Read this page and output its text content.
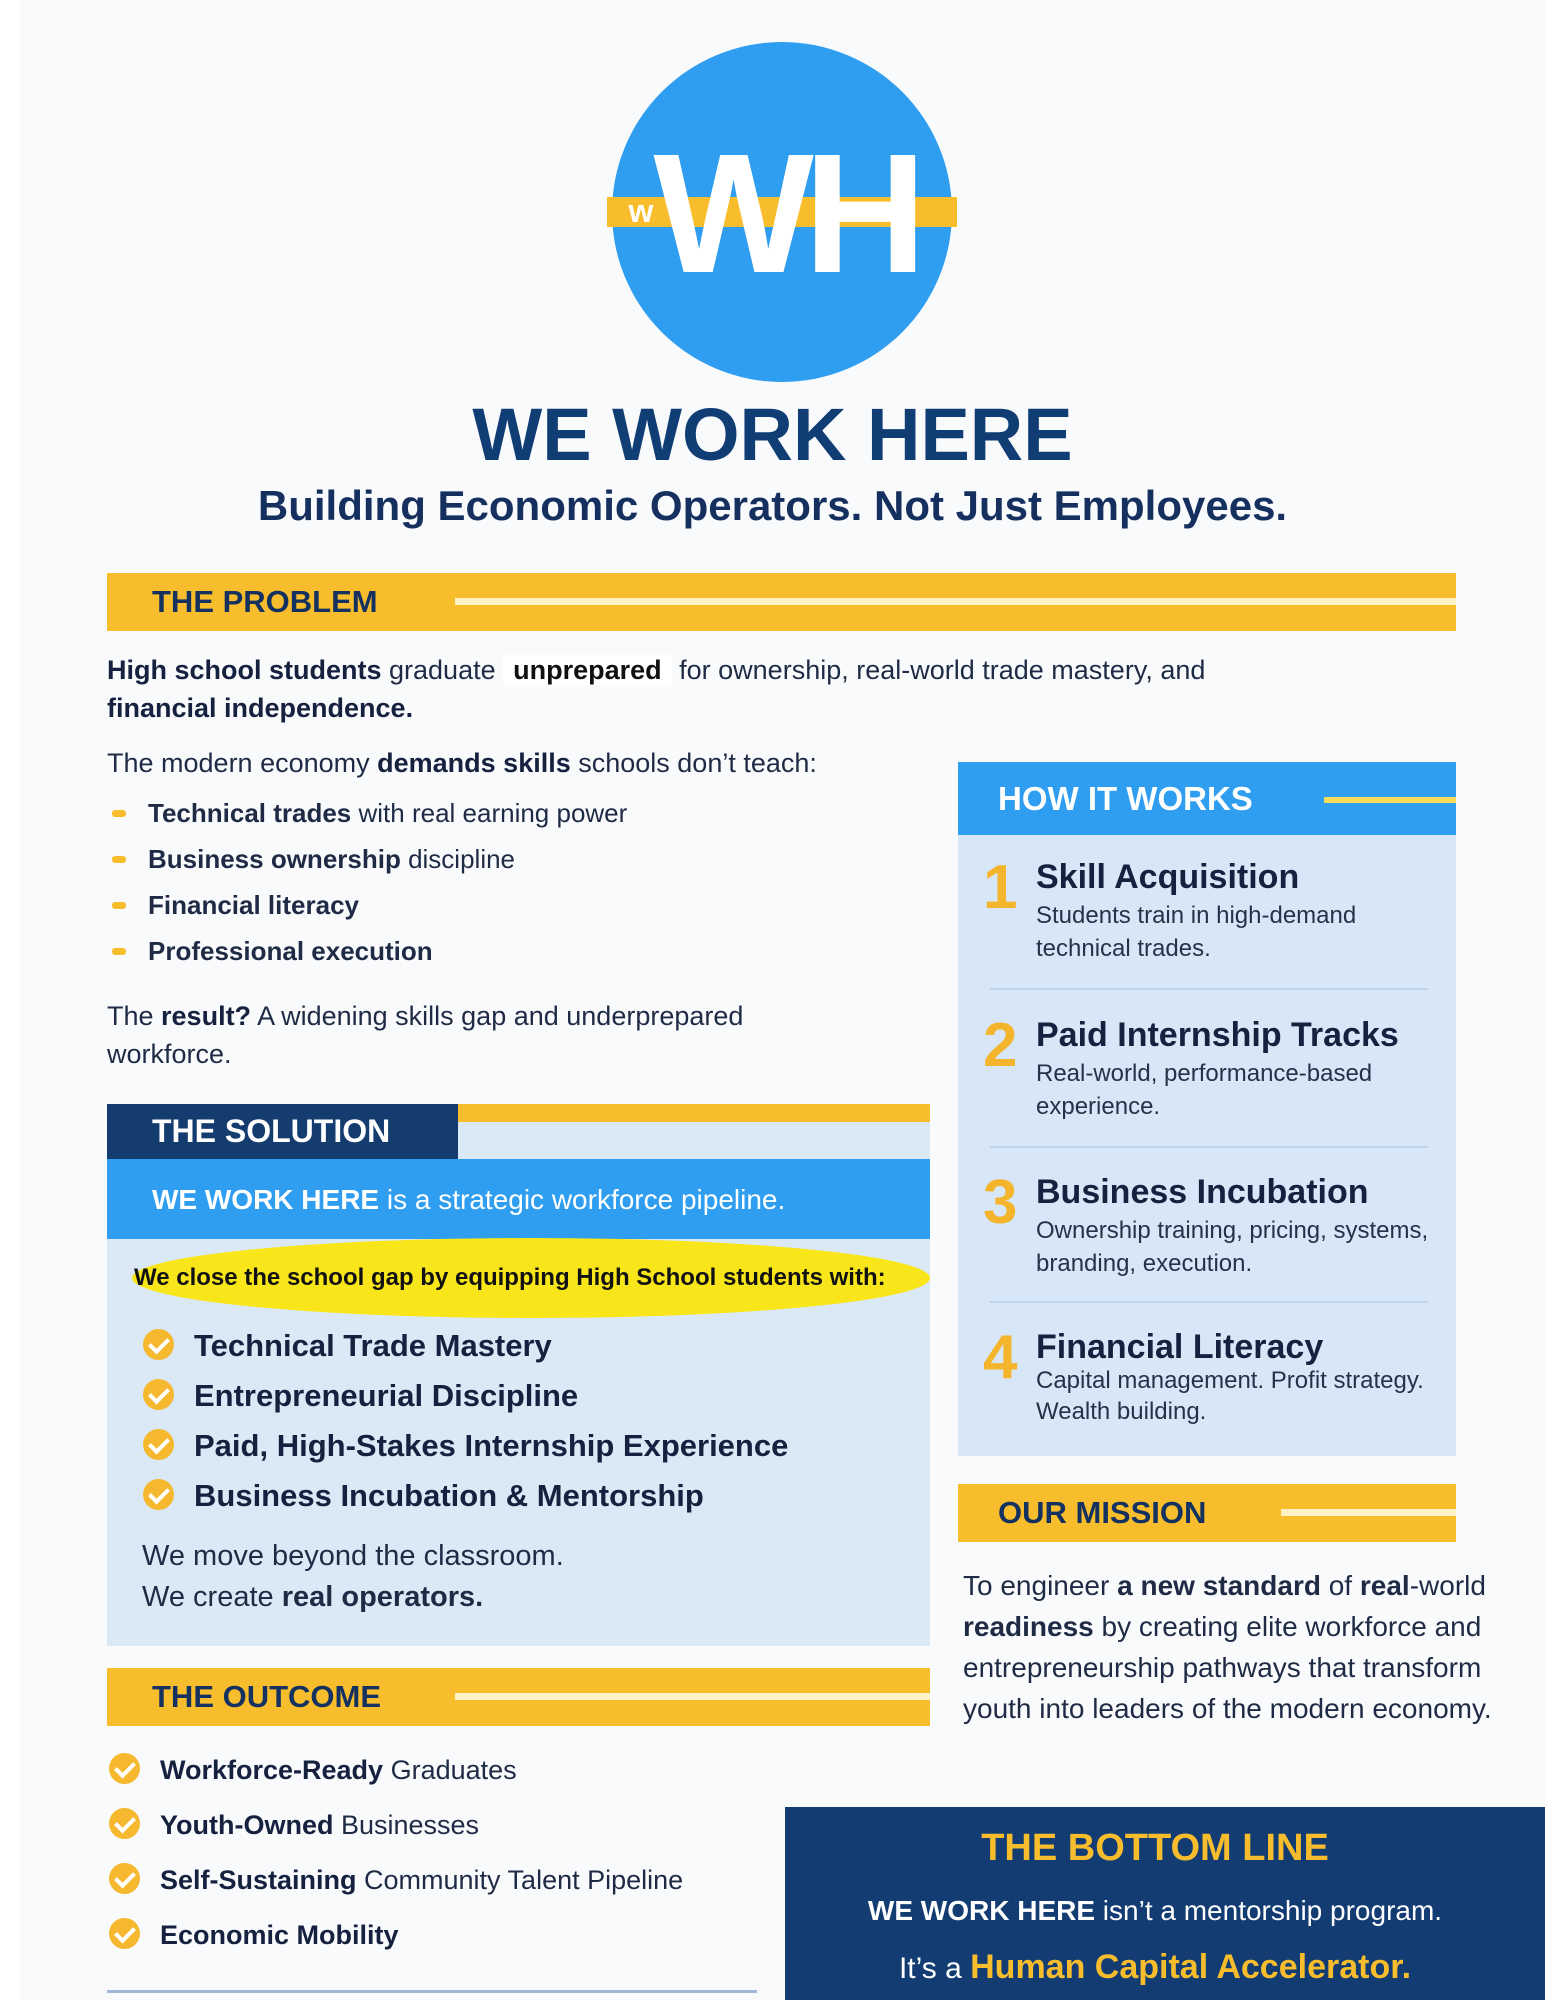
WH
w
WE WORK HERE
Building Economic Operators. Not Just Employees.
THE PROBLEM
High school students graduate unprepared for ownership, real-world trade mastery, and
financial independence.
The modern economy demands skills schools don’t teach:
Technical trades with real earning power
Business ownership discipline
Financial literacy
Professional execution
The result? A widening skills gap and underprepared
workforce.
THE SOLUTION
WE WORK HERE is a strategic workforce pipeline.
We close the school gap by equipping High School students with:
Technical Trade Mastery
Entrepreneurial Discipline
Paid, High-Stakes Internship Experience
Business Incubation & Mentorship
We move beyond the classroom.
We create real operators.
THE OUTCOME
Workforce-Ready Graduates
Youth-Owned Businesses
Self-Sustaining Community Talent Pipeline
Economic Mobility
HOW IT WORKS
1 Skill Acquisition
Students train in high-demand technical trades.
2 Paid Internship Tracks
Real-world, performance-based experience.
3 Business Incubation
Ownership training, pricing, systems, branding, execution.
4 Financial Literacy
Capital management. Profit strategy. Wealth building.
OUR MISSION
To engineer a new standard of real-world readiness by creating elite workforce and entrepreneurship pathways that transform youth into leaders of the modern economy.
THE BOTTOM LINE
WE WORK HERE isn’t a mentorship program.
It’s a Human Capital Accelerator.
